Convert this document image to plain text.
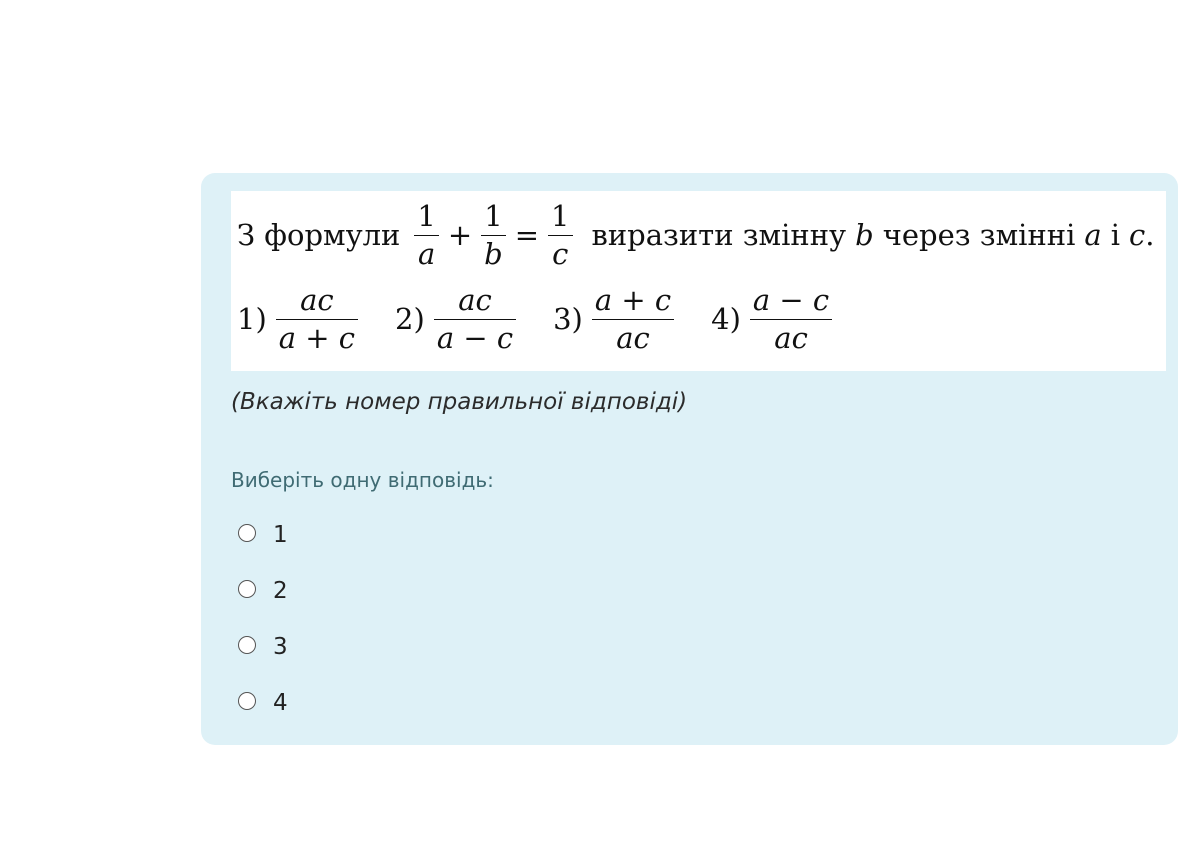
З формули $\frac{1}{a} + \frac{1}{b} = \frac{1}{c}$ виразити змінну b через змінні a і c .
$1) \frac{ac}{a + c} 2) \frac{ac}{a - c} 3) \frac{a + c}{ac} 4) \frac{a - c}{ac}$
(Вкажіть номер правильної відповіді)
Виберіть одну відповідь:
1
2
3
4
